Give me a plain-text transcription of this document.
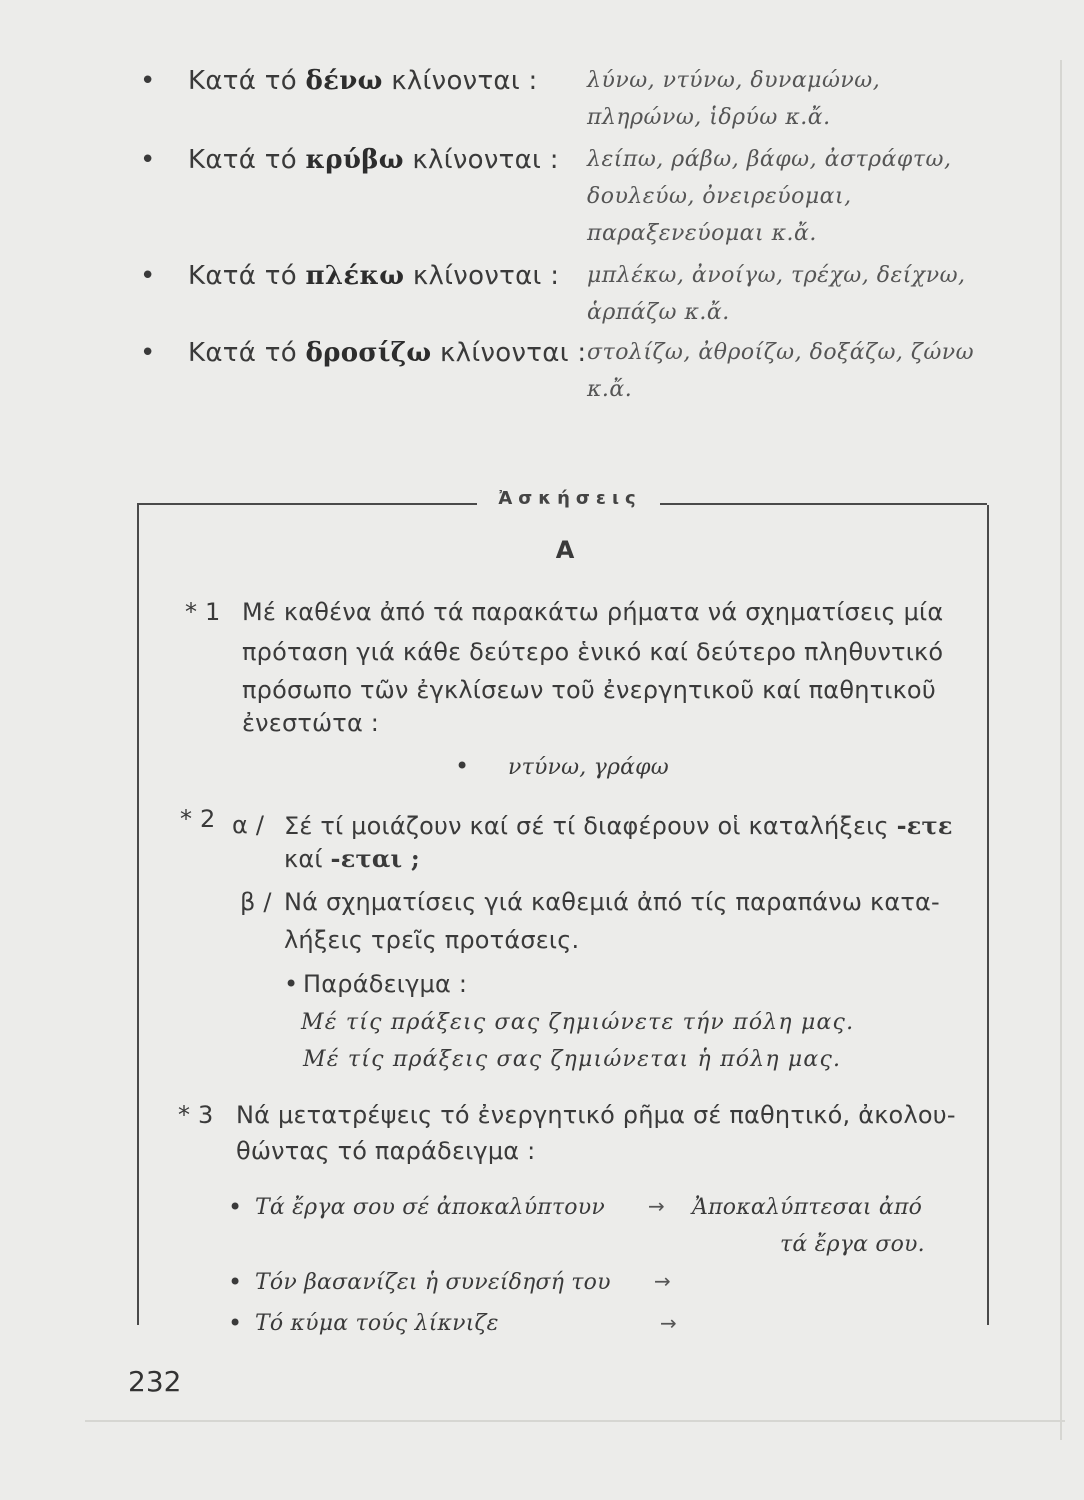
• Κατά τό δένω κλίνονται : λύνω, ντύνω, δυναμώνω, πληρώνω, ἱδρύω κ.ἄ.
• Κατά τό κρύβω κλίνονται : λείπω, ράβω, βάφω, ἀστράφτω, δουλεύω, ὀνειρεύομαι, παραξενεύομαι κ.ἄ.
• Κατά τό πλέκω κλίνονται : μπλέκω, ἀνοίγω, τρέχω, δείχνω, ἁρπάζω κ.ἄ.
• Κατά τό δροσίζω κλίνονται : στολίζω, ἀθροίζω, δοξάζω, ζώνω κ.ἄ.
Ἀσκήσεις
Α
* 1 Μέ καθένα ἀπό τά παρακάτω ρήματα νά σχηματίσεις μία
πρόταση γιά κάθε δεύτερο ἑνικό καί δεύτερο πληθυντικό
πρόσωπο τῶν ἐγκλίσεων τοῦ ἐνεργητικοῦ καί παθητικοῦ
ἐνεστώτα :
• ντύνω, γράφω
* 2 α / Σέ τί μοιάζουν καί σέ τί διαφέρουν οἱ καταλήξεις -ετε
καί -εται ;
β / Νά σχηματίσεις γιά καθεμιά ἀπό τίς παραπάνω κατα-
λήξεις τρεῖς προτάσεις.
• Παράδειγμα :
Μέ τίς πράξεις σας ζημιώνετε τήν πόλη μας.
Μέ τίς πράξεις σας ζημιώνεται ἡ πόλη μας.
* 3 Νά μετατρέψεις τό ἐνεργητικό ρῆμα σέ παθητικό, ἀκολου-
θώντας τό παράδειγμα :
• Τά ἔργα σου σέ ἀποκαλύπτουν → Ἀποκαλύπτεσαι ἀπό
τά ἔργα σου.
• Τόν βασανίζει ἡ συνείδησή του →
• Τό κύμα τούς λίκνιζε	→
232
